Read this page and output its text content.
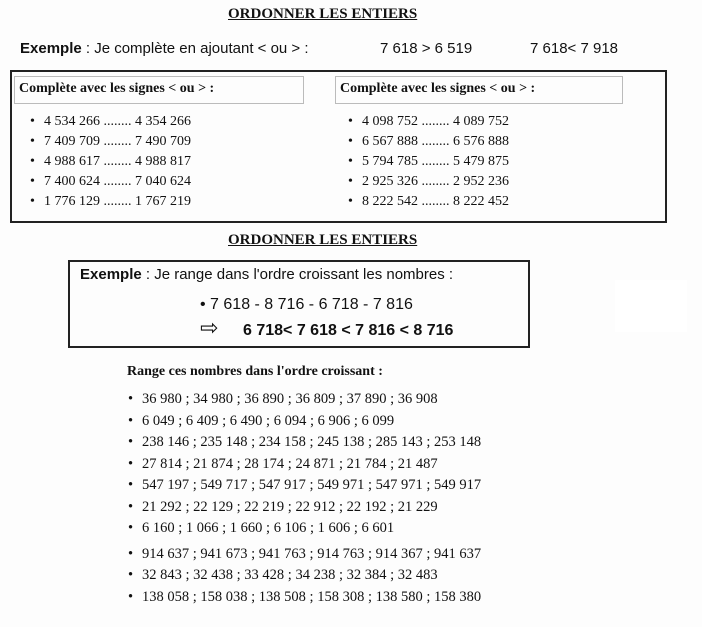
ORDONNER LES ENTIERS
Exemple : Je complète en ajoutant < ou > :	7 618 > 6 519	7 618< 7 918
Complète avec les signes < ou > :
• 4 534 266 ........ 4 354 266
• 7 409 709 ........ 7 490 709
• 4 988 617 ........ 4 988 817
• 7 400 624 ........ 7 040 624
• 1 776 129 ........ 1 767 219
Complète avec les signes < ou > :
• 4 098 752 ........ 4 089 752
• 6 567 888 ........ 6 576 888
• 5 794 785 ........ 5 479 875
• 2 925 326 ........ 2 952 236
• 8 222 542 ........ 8 222 452
ORDONNER LES ENTIERS
Exemple : Je range dans l'ordre croissant les nombres :
• 7 618 - 8 716 - 6 718 - 7 816
⇨ 6 718< 7 618 < 7 816 < 8 716
Range ces nombres dans l'ordre croissant :
• 36 980 ; 34 980 ; 36 890 ; 36 809 ; 37 890 ; 36 908
• 6 049 ; 6 409 ; 6 490 ; 6 094 ; 6 906 ; 6 099
• 238 146 ; 235 148 ; 234 158 ; 245 138 ; 285 143 ; 253 148
• 27 814 ; 21 874 ; 28 174 ; 24 871 ; 21 784 ; 21 487
• 547 197 ; 549 717 ; 547 917 ; 549 971 ; 547 971 ; 549 917
• 21 292 ; 22 129 ; 22 219 ; 22 912 ; 22 192 ; 21 229
• 6 160 ; 1 066 ; 1 660 ; 6 106 ; 1 606 ; 6 601
• 914 637 ; 941 673 ; 941 763 ; 914 763 ; 914 367 ; 941 637
• 32 843 ; 32 438 ; 33 428 ; 34 238 ; 32 384 ; 32 483
• 138 058 ; 158 038 ; 138 508 ; 158 308 ; 138 580 ; 158 380
